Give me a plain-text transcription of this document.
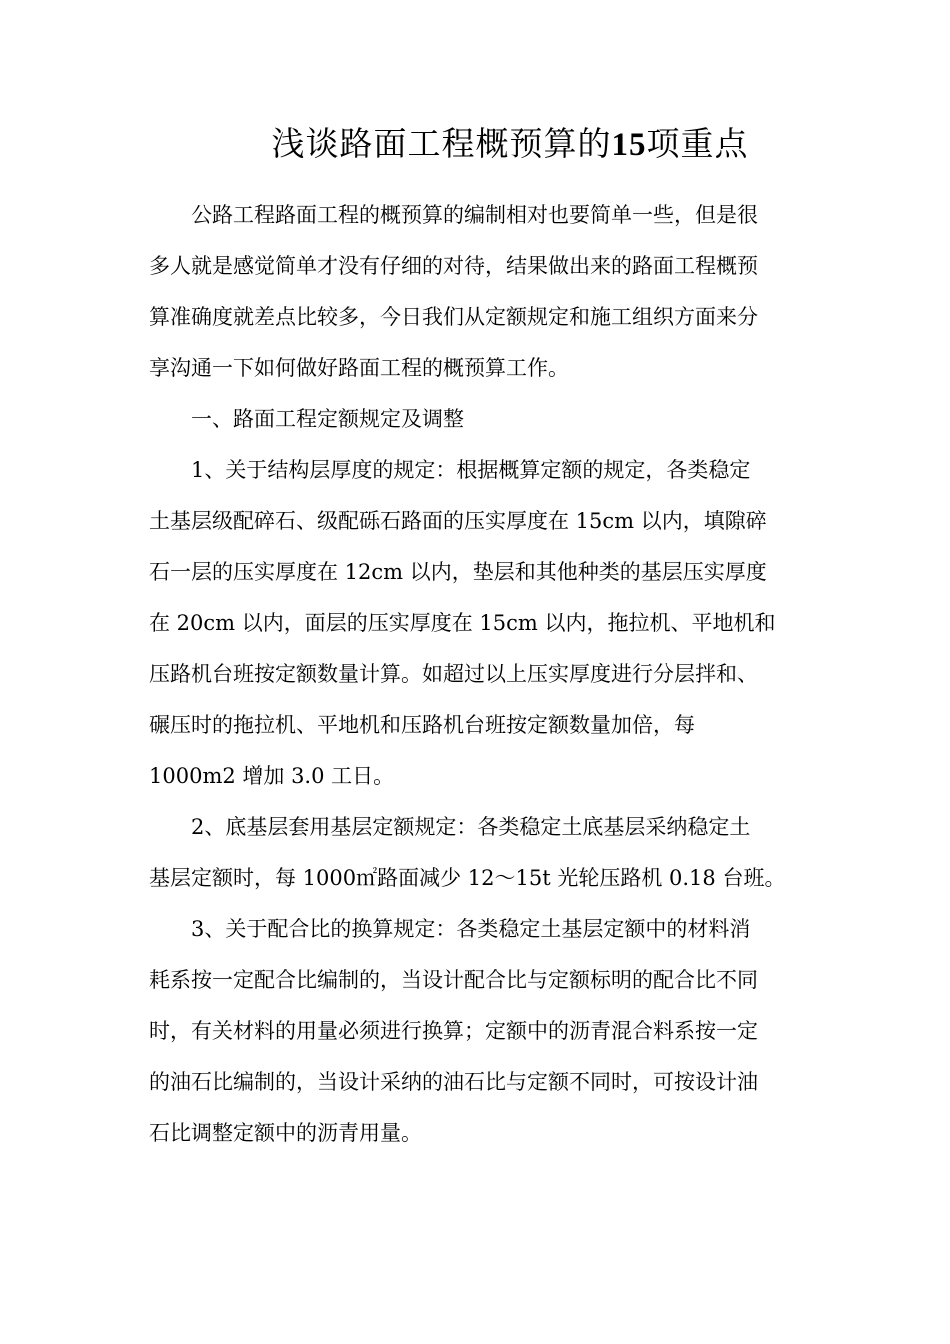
浅谈路面工程概预算的15项重点
公路工程路面工程的概预算的编制相对也要简单一些，但是很
多人就是感觉简单才没有仔细的对待，结果做出来的路面工程概预
算准确度就差点比较多，今日我们从定额规定和施工组织方面来分
享沟通一下如何做好路面工程的概预算工作。
一、路面工程定额规定及调整
1、关于结构层厚度的规定：根据概算定额的规定，各类稳定
土基层级配碎石、级配砾石路面的压实厚度在 15cm 以内，填隙碎
石一层的压实厚度在 12cm 以内，垫层和其他种类的基层压实厚度
在 20cm 以内，面层的压实厚度在 15cm 以内，拖拉机、平地机和
压路机台班按定额数量计算。如超过以上压实厚度进行分层拌和、
碾压时的拖拉机、平地机和压路机台班按定额数量加倍，每
1000m2 增加 3.0 工日。
2、底基层套用基层定额规定：各类稳定土底基层采纳稳定土
基层定额时，每 1000㎡路面减少 12～15t 光轮压路机 0.18 台班。
3、关于配合比的换算规定：各类稳定土基层定额中的材料消
耗系按一定配合比编制的，当设计配合比与定额标明的配合比不同
时，有关材料的用量必须进行换算；定额中的沥青混合料系按一定
的油石比编制的，当设计采纳的油石比与定额不同时，可按设计油
石比调整定额中的沥青用量。
